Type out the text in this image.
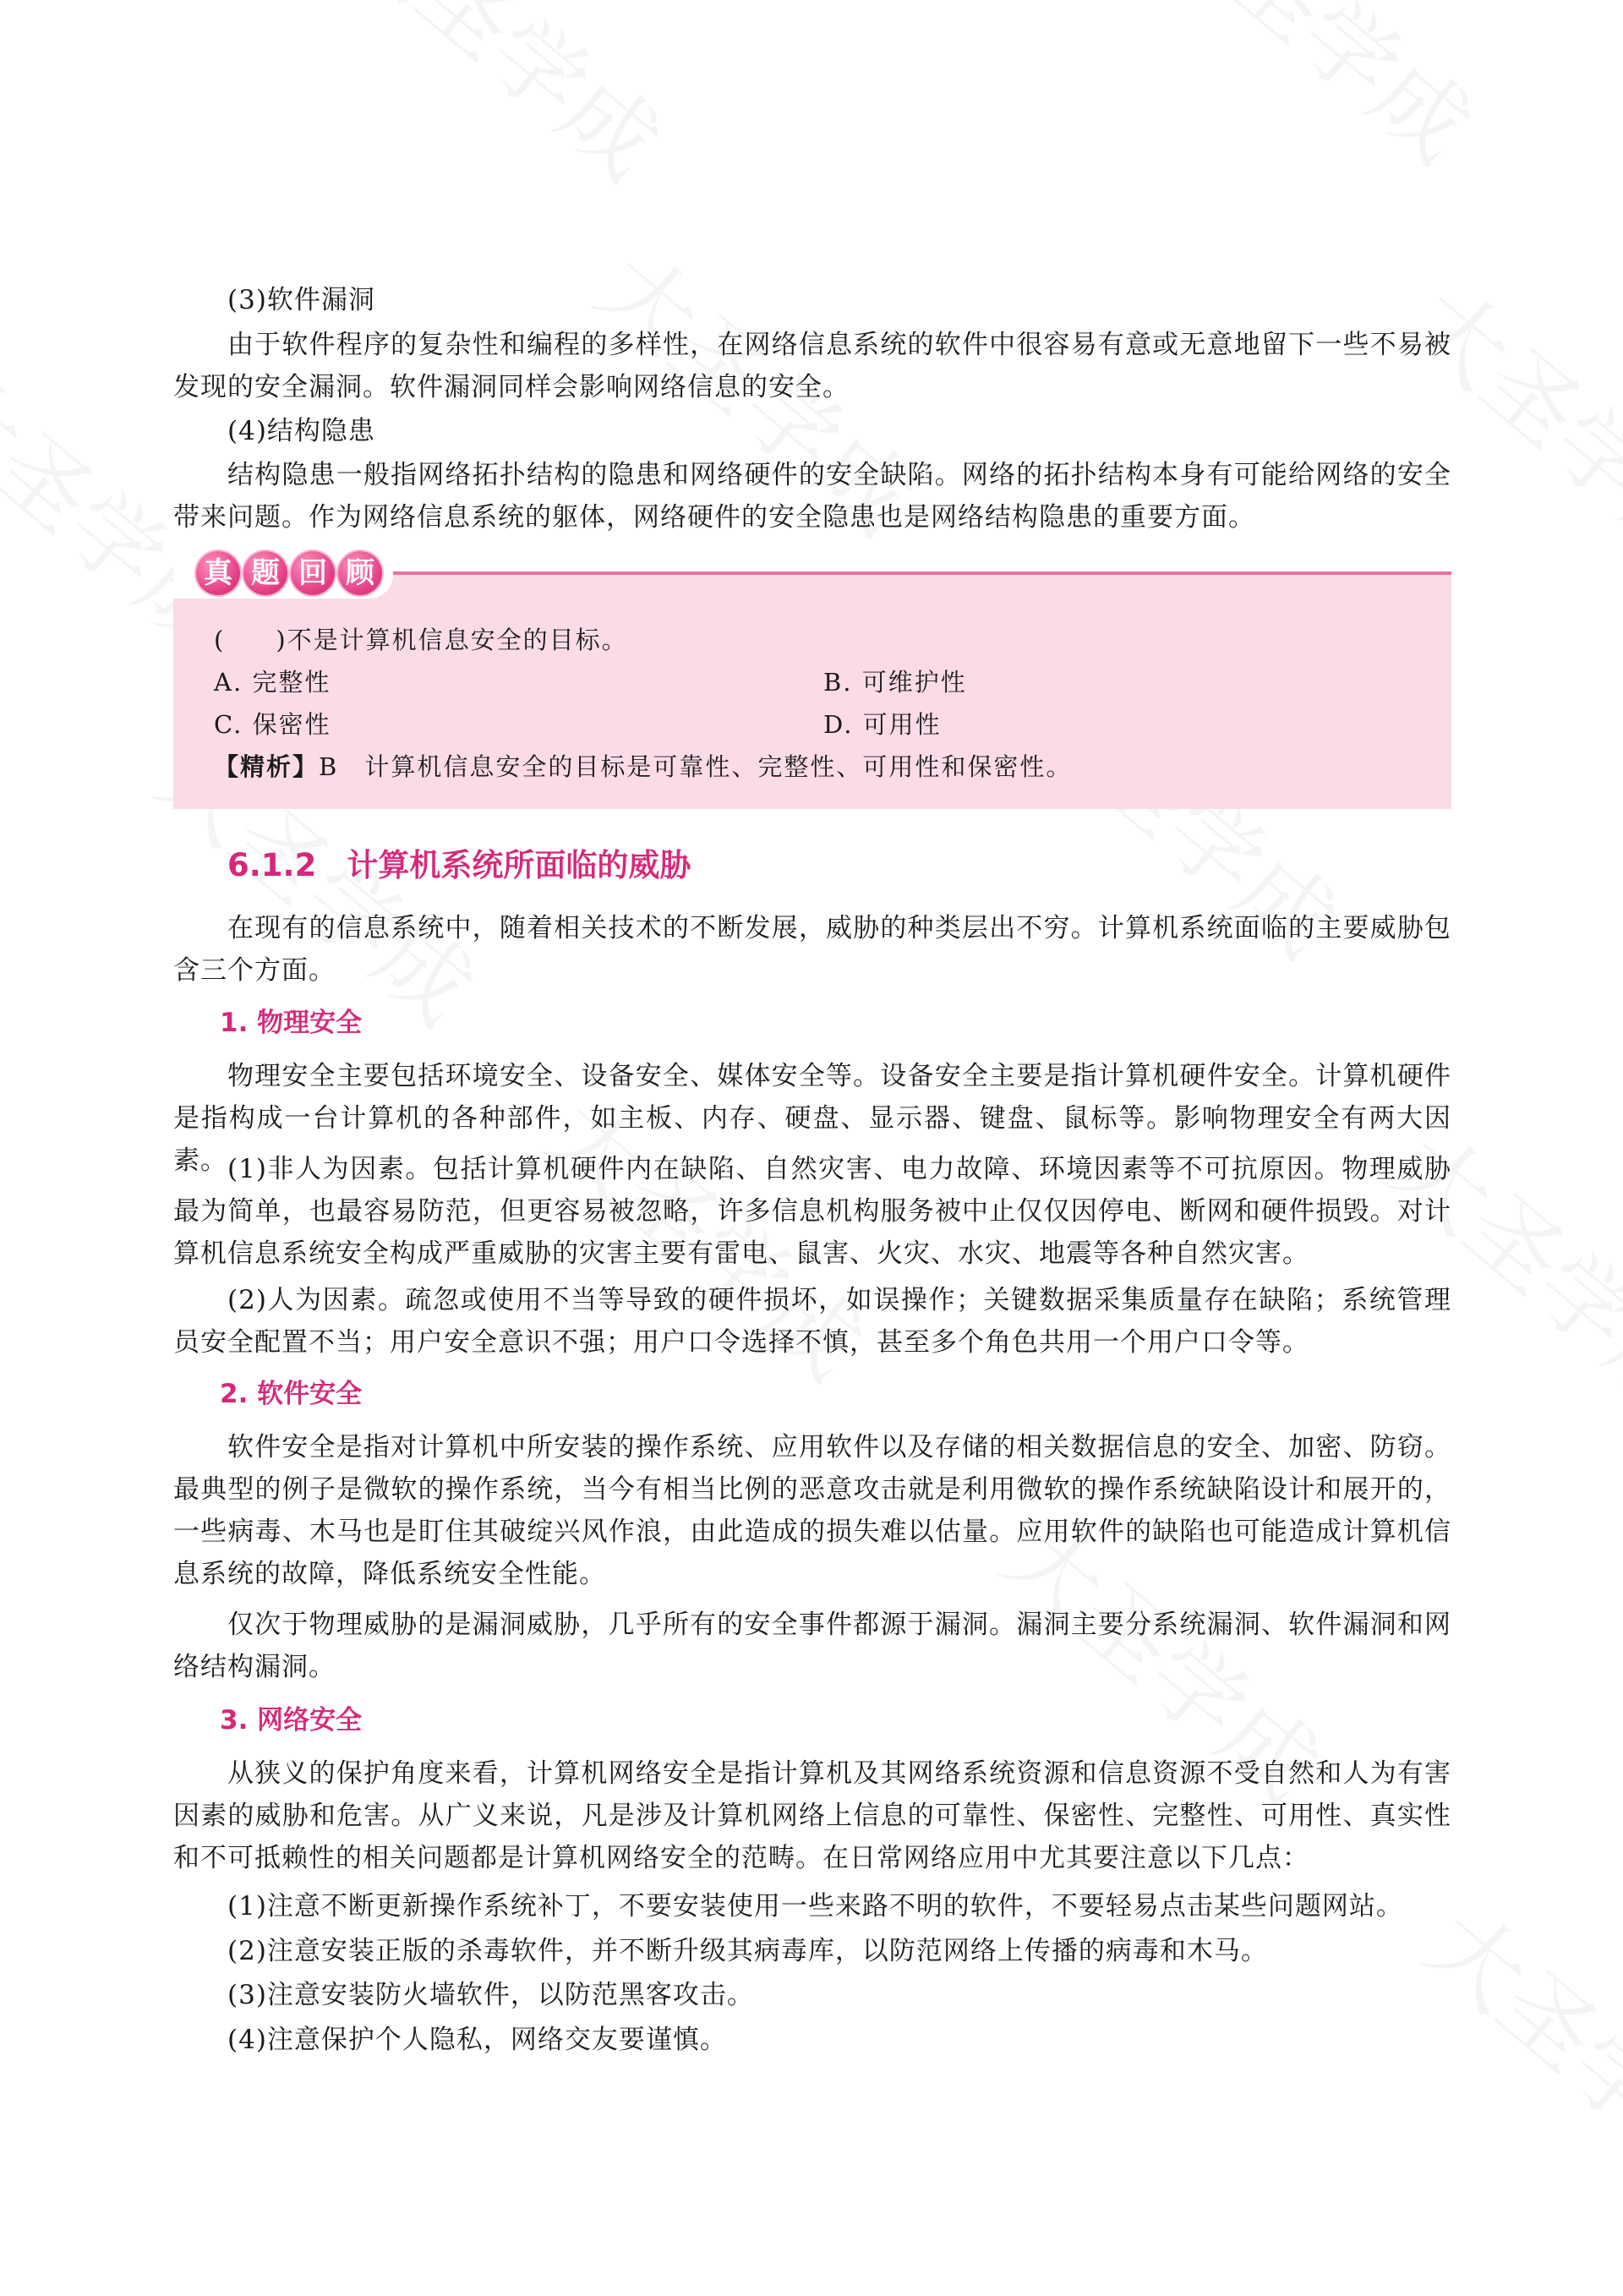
真 题 回 顾
( )不是计算机信息安全的目标。
A. 完整性	B. 可维护性
C. 保密性	D. 可用性
【精析】B　计算机信息安全的目标是可靠性、完整性、可用性和保密性。
(3)软件漏洞
由于软件程序的复杂性和编程的多样性，在网络信息系统的软件中很容易有意或无意地留下一些不易被发现的安全漏洞。软件漏洞同样会影响网络信息的安全。
(4)结构隐患
结构隐患一般指网络拓扑结构的隐患和网络硬件的安全缺陷。网络的拓扑结构本身有可能给网络的安全带来问题。作为网络信息系统的躯体，网络硬件的安全隐患也是网络结构隐患的重要方面。
6.1.2 计算机系统所面临的威胁
在现有的信息系统中，随着相关技术的不断发展，威胁的种类层出不穷。计算机系统面临的主要威胁包含三个方面。
1. 物理安全
物理安全主要包括环境安全、设备安全、媒体安全等。设备安全主要是指计算机硬件安全。计算机硬件是指构成一台计算机的各种部件，如主板、内存、硬盘、显示器、键盘、鼠标等。影响物理安全有两大因素。 (1)非人为因素。包括计算机硬件内在缺陷、自然灾害、电力故障、环境因素等不可抗原因。物理威胁最为简单，也最容易防范，但更容易被忽略，许多信息机构服务被中止仅仅因停电、断网和硬件损毁。对计算机信息系统安全构成严重威胁的灾害主要有雷电、鼠害、火灾、水灾、地震等各种自然灾害。
(2)人为因素。疏忽或使用不当等导致的硬件损坏，如误操作；关键数据采集质量存在缺陷；系统管理员安全配置不当；用户安全意识不强；用户口令选择不慎，甚至多个角色共用一个用户口令等。
2. 软件安全
软件安全是指对计算机中所安装的操作系统、应用软件以及存储的相关数据信息的安全、加密、防窃。最典型的例子是微软的操作系统，当今有相当比例的恶意攻击就是利用微软的操作系统缺陷设计和展开的，一些病毒、木马也是盯住其破绽兴风作浪，由此造成的损失难以估量。应用软件的缺陷也可能造成计算机信息系统的故障，降低系统安全性能。
仅次于物理威胁的是漏洞威胁，几乎所有的安全事件都源于漏洞。漏洞主要分系统漏洞、软件漏洞和网络结构漏洞。
3. 网络安全
从狭义的保护角度来看，计算机网络安全是指计算机及其网络系统资源和信息资源不受自然和人为有害因素的威胁和危害。从广义来说，凡是涉及计算机网络上信息的可靠性、保密性、完整性、可用性、真实性和不可抵赖性的相关问题都是计算机网络安全的范畴。在日常网络应用中尤其要注意以下几点：
(1)注意不断更新操作系统补丁，不要安装使用一些来路不明的软件，不要轻易点击某些问题网站。
(2)注意安装正版的杀毒软件，并不断升级其病毒库，以防范网络上传播的病毒和木马。
(3)注意安装防火墙软件，以防范黑客攻击。
(4)注意保护个人隐私，网络交友要谨慎。
